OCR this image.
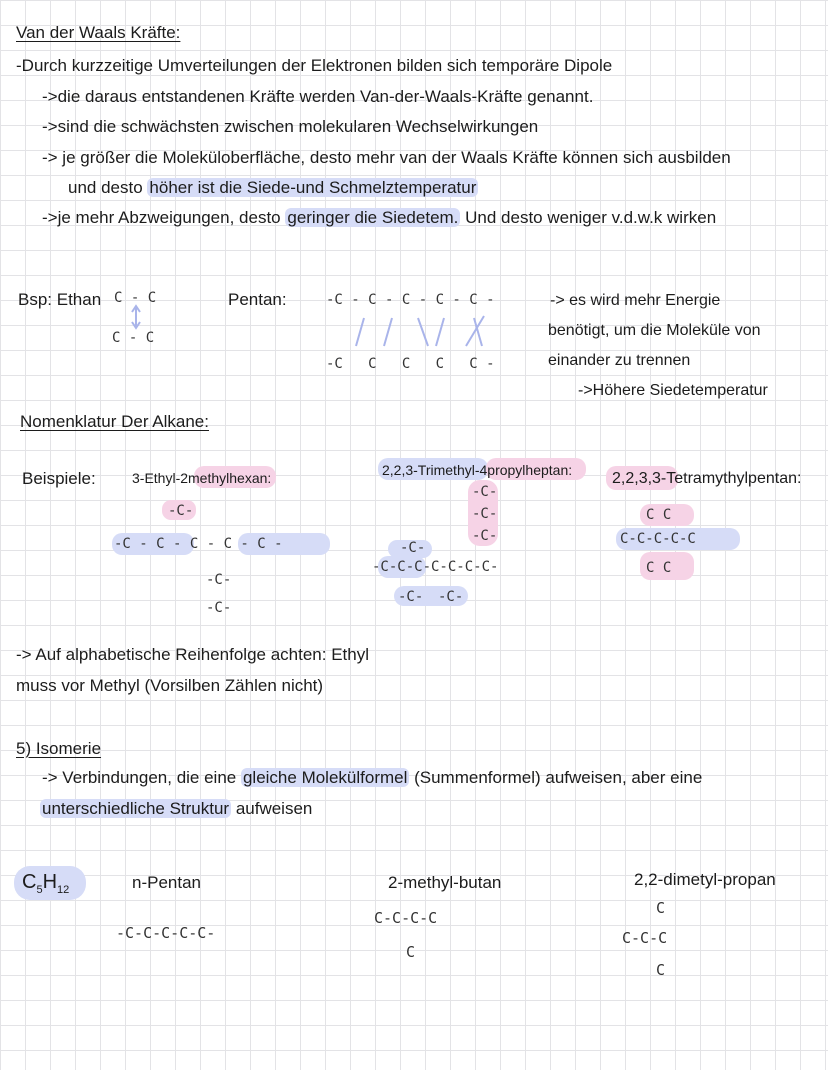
Van der Waals Kräfte:
-Durch kurzzeitige Umverteilungen der Elektronen bilden sich temporäre Dipole
->die daraus entstandenen Kräfte werden Van-der-Waals-Kräfte genannt.
->sind die schwächsten zwischen molekularen Wechselwirkungen
-> je größer die Moleküloberfläche, desto mehr van der Waals Kräfte können sich ausbilden
und desto höher ist die Siede-und Schmelztemperatur
->je mehr Abzweigungen, desto geringer die Siedetem. Und desto weniger v.d.w.k wirken
Bsp: Ethan C - C
C - C
Pentan:	-C - C - C - C - C -
-C   C   C   C   C -
-> es wird mehr Energie
benötigt, um die Moleküle von
einander zu trennen
->Höhere Siedetemperatur
Nomenklatur Der Alkane:
Beispiele:	3-Ethyl-2methylhexan:	2,2,3-Trimethyl-4propylheptan: 2,2,3,3-Tetramythylpentan:
-C-
-C - C - C - C - C -
-C-
-C-
-C-
-C-
-C-
-C-
-C-C-C-C-C-C-C-
-C- -C-
C C
C-C-C-C-C
C C
-> Auf alphabetische Reihenfolge achten: Ethyl
muss vor Methyl (Vorsilben Zählen nicht)
5) Isomerie
-> Verbindungen, die eine gleiche Molekülformel (Summenformel) aufweisen, aber eine
unterschiedliche Struktur aufweisen
$C_5H_{12}$	n-Pentan
-C-C-C-C-C-
2-methyl-butan
C-C-C-C
C
2,2-dimetyl-propan
C
C-C-C
C
